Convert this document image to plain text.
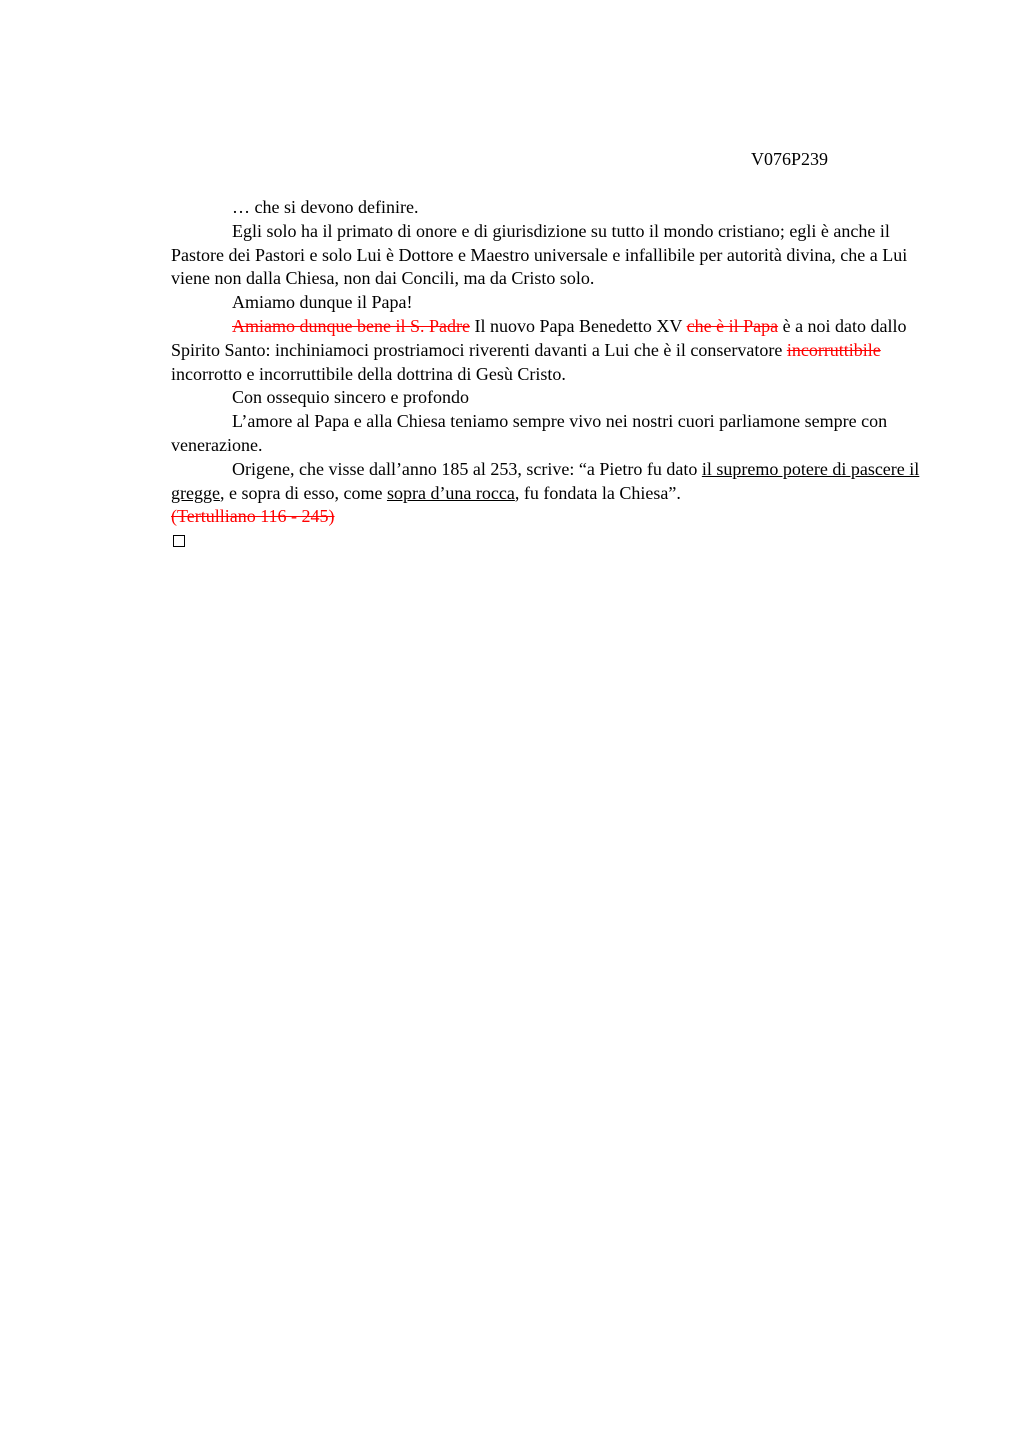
V076P239

… che si devono definire.

Egli solo ha il primato di onore e di giurisdizione su tutto il mondo cristiano; egli è anche il Pastore dei Pastori e solo Lui è Dottore e Maestro universale e infallibile per autorità divina, che a Lui viene non dalla Chiesa, non dai Concili, ma da Cristo solo.

Amiamo dunque il Papa!

Amiamo dunque bene il S. Padre Il nuovo Papa Benedetto XV che è il Papa è a noi dato dallo Spirito Santo: inchiniamoci prostriamoci riverenti davanti a Lui che è il conservatore incorruttibile incorrotto e incorruttibile della dottrina di Gesù Cristo.

Con ossequio sincero e profondo

L’amore al Papa e alla Chiesa teniamo sempre vivo nei nostri cuori parliamone sempre con venerazione.

Origene, che visse dall’anno 185 al 253, scrive: “a Pietro fu dato il supremo potere di pascere il gregge, e sopra di esso, come sopra d’una rocca, fu fondata la Chiesa”.

(Tertulliano 116 - 245)
